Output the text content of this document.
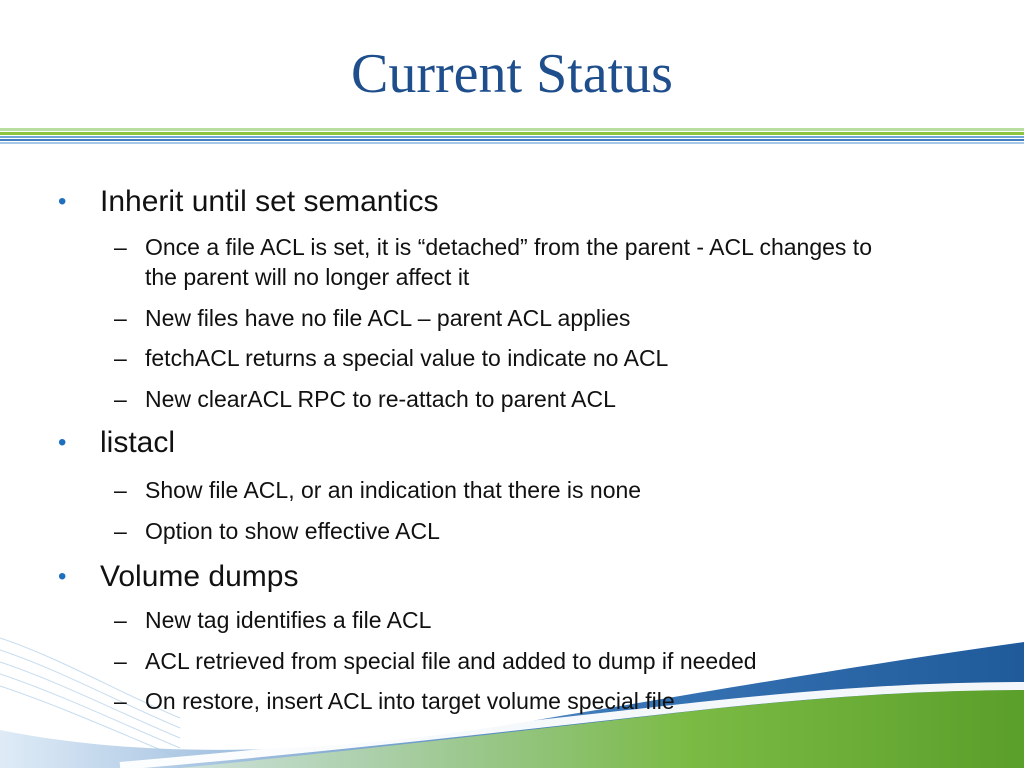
Current Status
• Inherit until set semantics
– Once a file ACL is set, it is “detached” from the parent - ACL changes to the parent will no longer affect it
– New files have no file ACL – parent ACL applies
– fetchACL returns a special value to indicate no ACL
– New clearACL RPC to re-attach to parent ACL
• listacl
– Show file ACL, or an indication that there is none
– Option to show effective ACL
• Volume dumps
– New tag identifies a file ACL
– ACL retrieved from special file and added to dump if needed
– On restore, insert ACL into target volume special file
